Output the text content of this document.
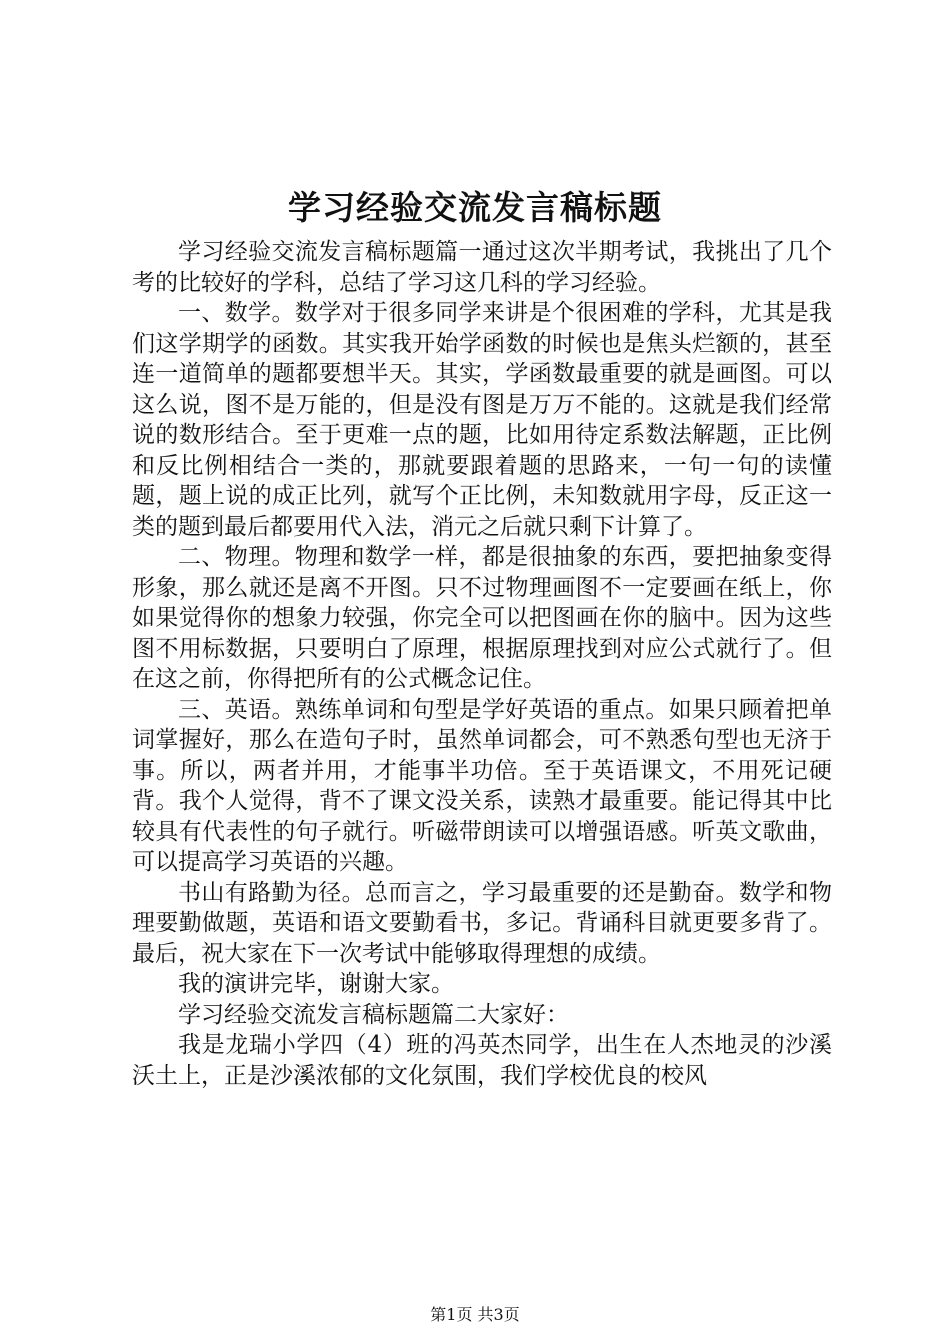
学习经验交流发言稿标题

学习经验交流发言稿标题篇一通过这次半期考试，我挑出了几个考的比较好的学科，总结了学习这几科的学习经验。

一、数学。数学对于很多同学来讲是个很困难的学科，尤其是我们这学期学的函数。其实我开始学函数的时候也是焦头烂额的，甚至连一道简单的题都要想半天。其实，学函数最重要的就是画图。可以这么说，图不是万能的，但是没有图是万万不能的。这就是我们经常说的数形结合。至于更难一点的题，比如用待定系数法解题，正比例和反比例相结合一类的，那就要跟着题的思路来，一句一句的读懂题，题上说的成正比列，就写个正比例，未知数就用字母，反正这一类的题到最后都要用代入法，消元之后就只剩下计算了。

二、物理。物理和数学一样，都是很抽象的东西，要把抽象变得形象，那么就还是离不开图。只不过物理画图不一定要画在纸上，你如果觉得你的想象力较强，你完全可以把图画在你的脑中。因为这些图不用标数据，只要明白了原理，根据原理找到对应公式就行了。但在这之前，你得把所有的公式概念记住。

三、英语。熟练单词和句型是学好英语的重点。如果只顾着把单词掌握好，那么在造句子时，虽然单词都会，可不熟悉句型也无济于事。所以，两者并用，才能事半功倍。至于英语课文，不用死记硬背。我个人觉得，背不了课文没关系，读熟才最重要。能记得其中比较具有代表性的句子就行。听磁带朗读可以增强语感。听英文歌曲，可以提高学习英语的兴趣。

书山有路勤为径。总而言之，学习最重要的还是勤奋。数学和物理要勤做题，英语和语文要勤看书，多记。背诵科目就更要多背了。最后，祝大家在下一次考试中能够取得理想的成绩。

我的演讲完毕，谢谢大家。

学习经验交流发言稿标题篇二大家好：

我是龙瑞小学四（4）班的冯英杰同学，出生在人杰地灵的沙溪沃土上，正是沙溪浓郁的文化氛围，我们学校优良的校风

第1页 共3页
